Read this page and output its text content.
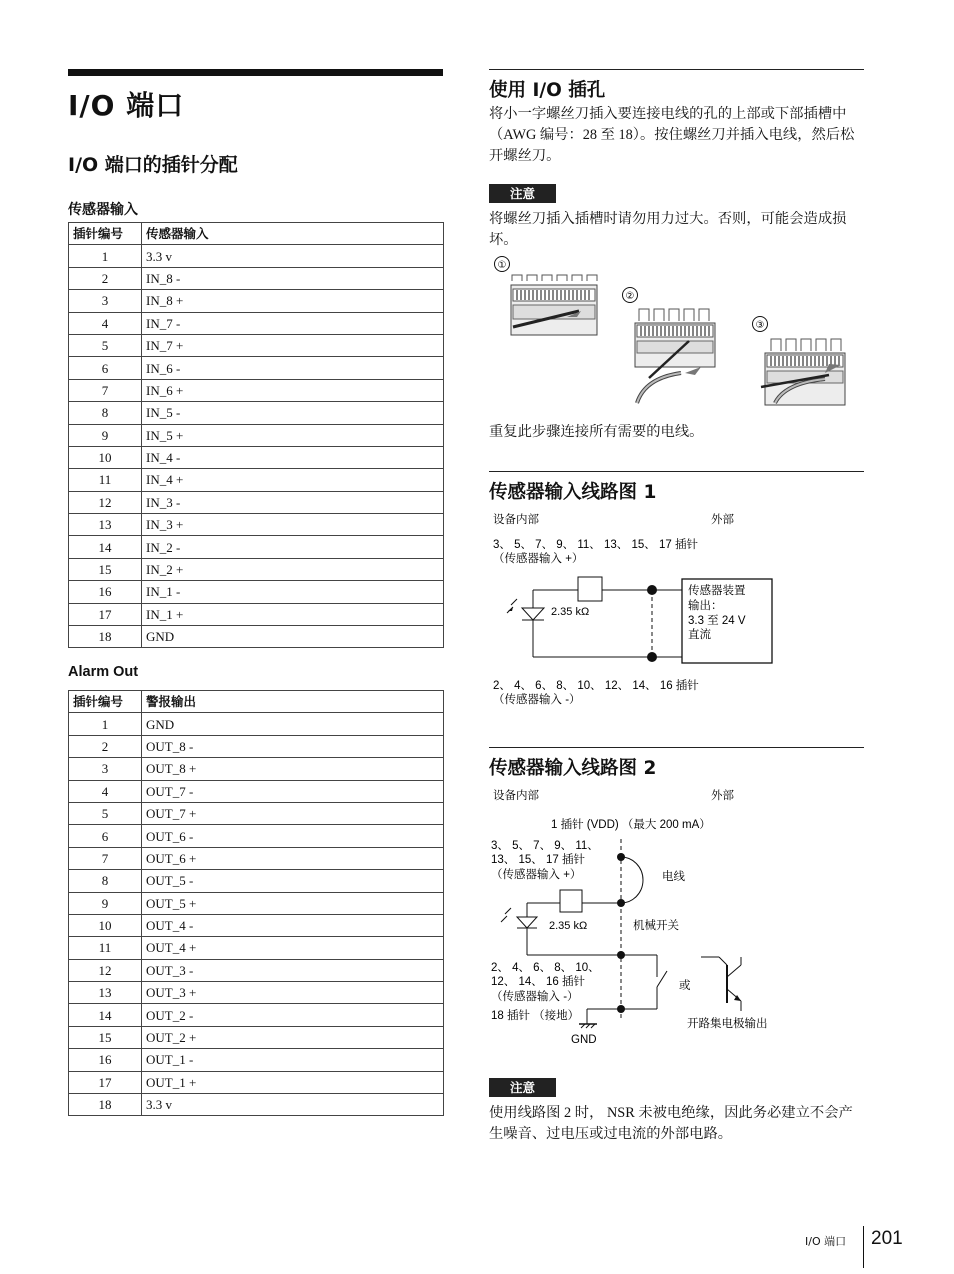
I/O 端口
I/O 端口的插针分配
传感器输入
插针编号	传感器输入
1	3.3 v
2	IN_8 -
3	IN_8 +
4	IN_7 -
5	IN_7 +
6	IN_6 -
7	IN_6 +
8	IN_5 -
9	IN_5 +
10	IN_4 -
11	IN_4 +
12	IN_3 -
13	IN_3 +
14	IN_2 -
15	IN_2 +
16	IN_1 -
17	IN_1 +
18	GND
Alarm Out
插针编号	警报输出
1	GND
2	OUT_8 -
3	OUT_8 +
4	OUT_7 -
5	OUT_7 +
6	OUT_6 -
7	OUT_6 +
8	OUT_5 -
9	OUT_5 +
10	OUT_4 -
11	OUT_4 +
12	OUT_3 -
13	OUT_3 +
14	OUT_2 -
15	OUT_2 +
16	OUT_1 -
17	OUT_1 +
18	3.3 v
使用 I/O 插孔
将小一字螺丝刀插入要连接电线的孔的上部或下部插槽中 （AWG 编号：28 至 18）。按住螺丝刀并插入电线，然后松开螺丝刀。
注意
将螺丝刀插入插槽时请勿用力过大。否则，可能会造成损坏。
①
②
③
重复此步骤连接所有需要的电线。
传感器输入线路图 1
设备内部	外部
3、 5、 7、 9、 11、 13、 15、 17 插针
（传感器输入 +）
2.35 kΩ
传感器装置
输出：
3.3 至 24 V
直流
2、 4、 6、 8、 10、 12、 14、 16 插针
（传感器输入 -）
传感器输入线路图 2
设备内部	外部
1 插针 (VDD) （最大 200 mA）
3、 5、 7、 9、 11、
13、 15、 17 插针
（传感器输入 +）	电线
2.35 kΩ	机械开关
或
2、 4、 6、 8、 10、
12、 14、 16 插针
（传感器输入 -）
18 插针 （接地）
GND
开路集电极输出
注意
使用线路图 2 时， NSR 未被电绝缘，因此务必建立不会产生噪音、过电压或过电流的外部电路。
I/O 端口 201
